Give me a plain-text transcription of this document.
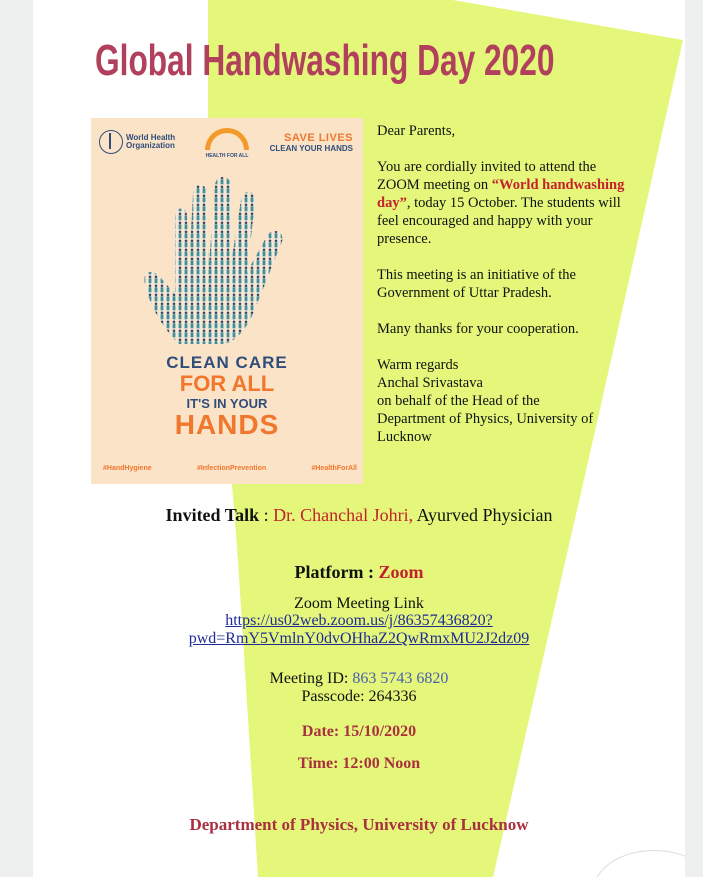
Global Handwashing Day 2020
World Health
Organization
HEALTH FOR ALL
SAVE LIVES
CLEAN YOUR HANDS
CLEAN CARE
FOR ALL
IT'S IN YOUR
HANDS
#HandHygiene	#InfectionPrevention	#HealthForAll

Dear Parents,

You are cordially invited to attend the ZOOM meeting on “World handwashing day”, today 15 October. The students will feel encouraged and happy with your presence.

This meeting is an initiative of the Government of Uttar Pradesh.

Many thanks for your cooperation.

Warm regards
Anchal Srivastava
on behalf of the Head of the
Department of Physics, University of Lucknow
Invited Talk : Dr. Chanchal Johri, Ayurved Physician
Platform : Zoom
Zoom Meeting Link
https://us02web.zoom.us/j/86357436820?
pwd=RmY5VmlnY0dvOHhaZ2QwRmxMU2J2dz09
Meeting ID: 863 5743 6820
Passcode: 264336
Date: 15/10/2020
Time: 12:00 Noon
Department of Physics, University of Lucknow
